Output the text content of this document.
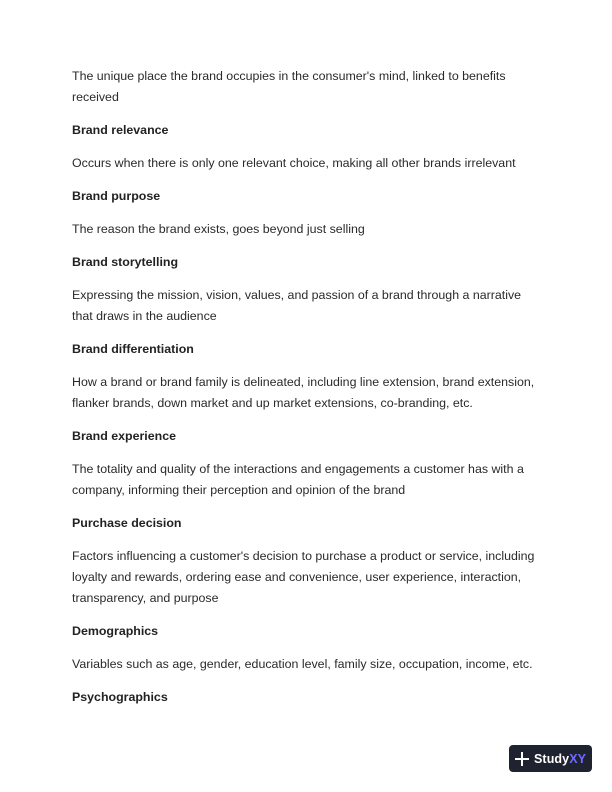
The unique place the brand occupies in the consumer's mind, linked to benefits received

Brand relevance

Occurs when there is only one relevant choice, making all other brands irrelevant

Brand purpose

The reason the brand exists, goes beyond just selling

Brand storytelling

Expressing the mission, vision, values, and passion of a brand through a narrative that draws in the audience

Brand differentiation

How a brand or brand family is delineated, including line extension, brand extension, flanker brands, down market and up market extensions, co-branding, etc.

Brand experience

The totality and quality of the interactions and engagements a customer has with a company, informing their perception and opinion of the brand

Purchase decision

Factors influencing a customer's decision to purchase a product or service, including loyalty and rewards, ordering ease and convenience, user experience, interaction, transparency, and purpose

Demographics

Variables such as age, gender, education level, family size, occupation, income, etc.

Psychographics

StudyXY
